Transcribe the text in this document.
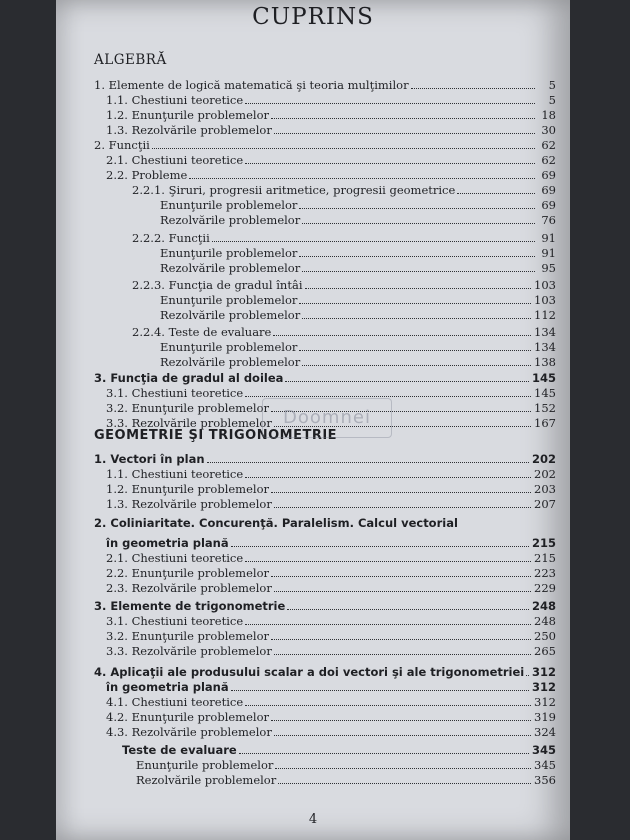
CUPRINS
ALGEBRĂ
1. Elemente de logică matematică şi teoria mulţimilor	5
1.1. Chestiuni teoretice	5
1.2. Enunţurile problemelor	18
1.3. Rezolvările problemelor	30
2. Funcţii	62
2.1. Chestiuni teoretice	62
2.2. Probleme	69
2.2.1. Şiruri, progresii aritmetice, progresii geometrice	69
Enunţurile problemelor	69
Rezolvările problemelor	76
2.2.2. Funcţii	91
Enunţurile problemelor	91
Rezolvările problemelor	95
2.2.3. Funcţia de gradul întâi	103
Enunţurile problemelor	103
Rezolvările problemelor	112
2.2.4. Teste de evaluare	134
Enunţurile problemelor	134
Rezolvările problemelor	138
3. Funcţia de gradul al doilea	145
3.1. Chestiuni teoretice	145
3.2. Enunţurile problemelor	152
3.3. Rezolvările problemelor	167
GEOMETRIE ŞI TRIGONOMETRIE
1. Vectori în plan	202
1.1. Chestiuni teoretice	202
1.2. Enunţurile problemelor	203
1.3. Rezolvările problemelor	207
2. Coliniaritate. Concurenţă. Paralelism. Calcul vectorial
în geometria plană	215
2.1. Chestiuni teoretice	215
2.2. Enunţurile problemelor	223
2.3. Rezolvările problemelor	229
3. Elemente de trigonometrie	248
3.1. Chestiuni teoretice	248
3.2. Enunţurile problemelor	250
3.3. Rezolvările problemelor	265
4. Aplicaţii ale produsului scalar a doi vectori şi ale trigonometriei 312
în geometria plană	312
4.1. Chestiuni teoretice	312
4.2. Enunţurile problemelor	319
4.3. Rezolvările problemelor	324
Teste de evaluare	345
Enunţurile problemelor	345
Rezolvările problemelor	356
Doomnei
4
